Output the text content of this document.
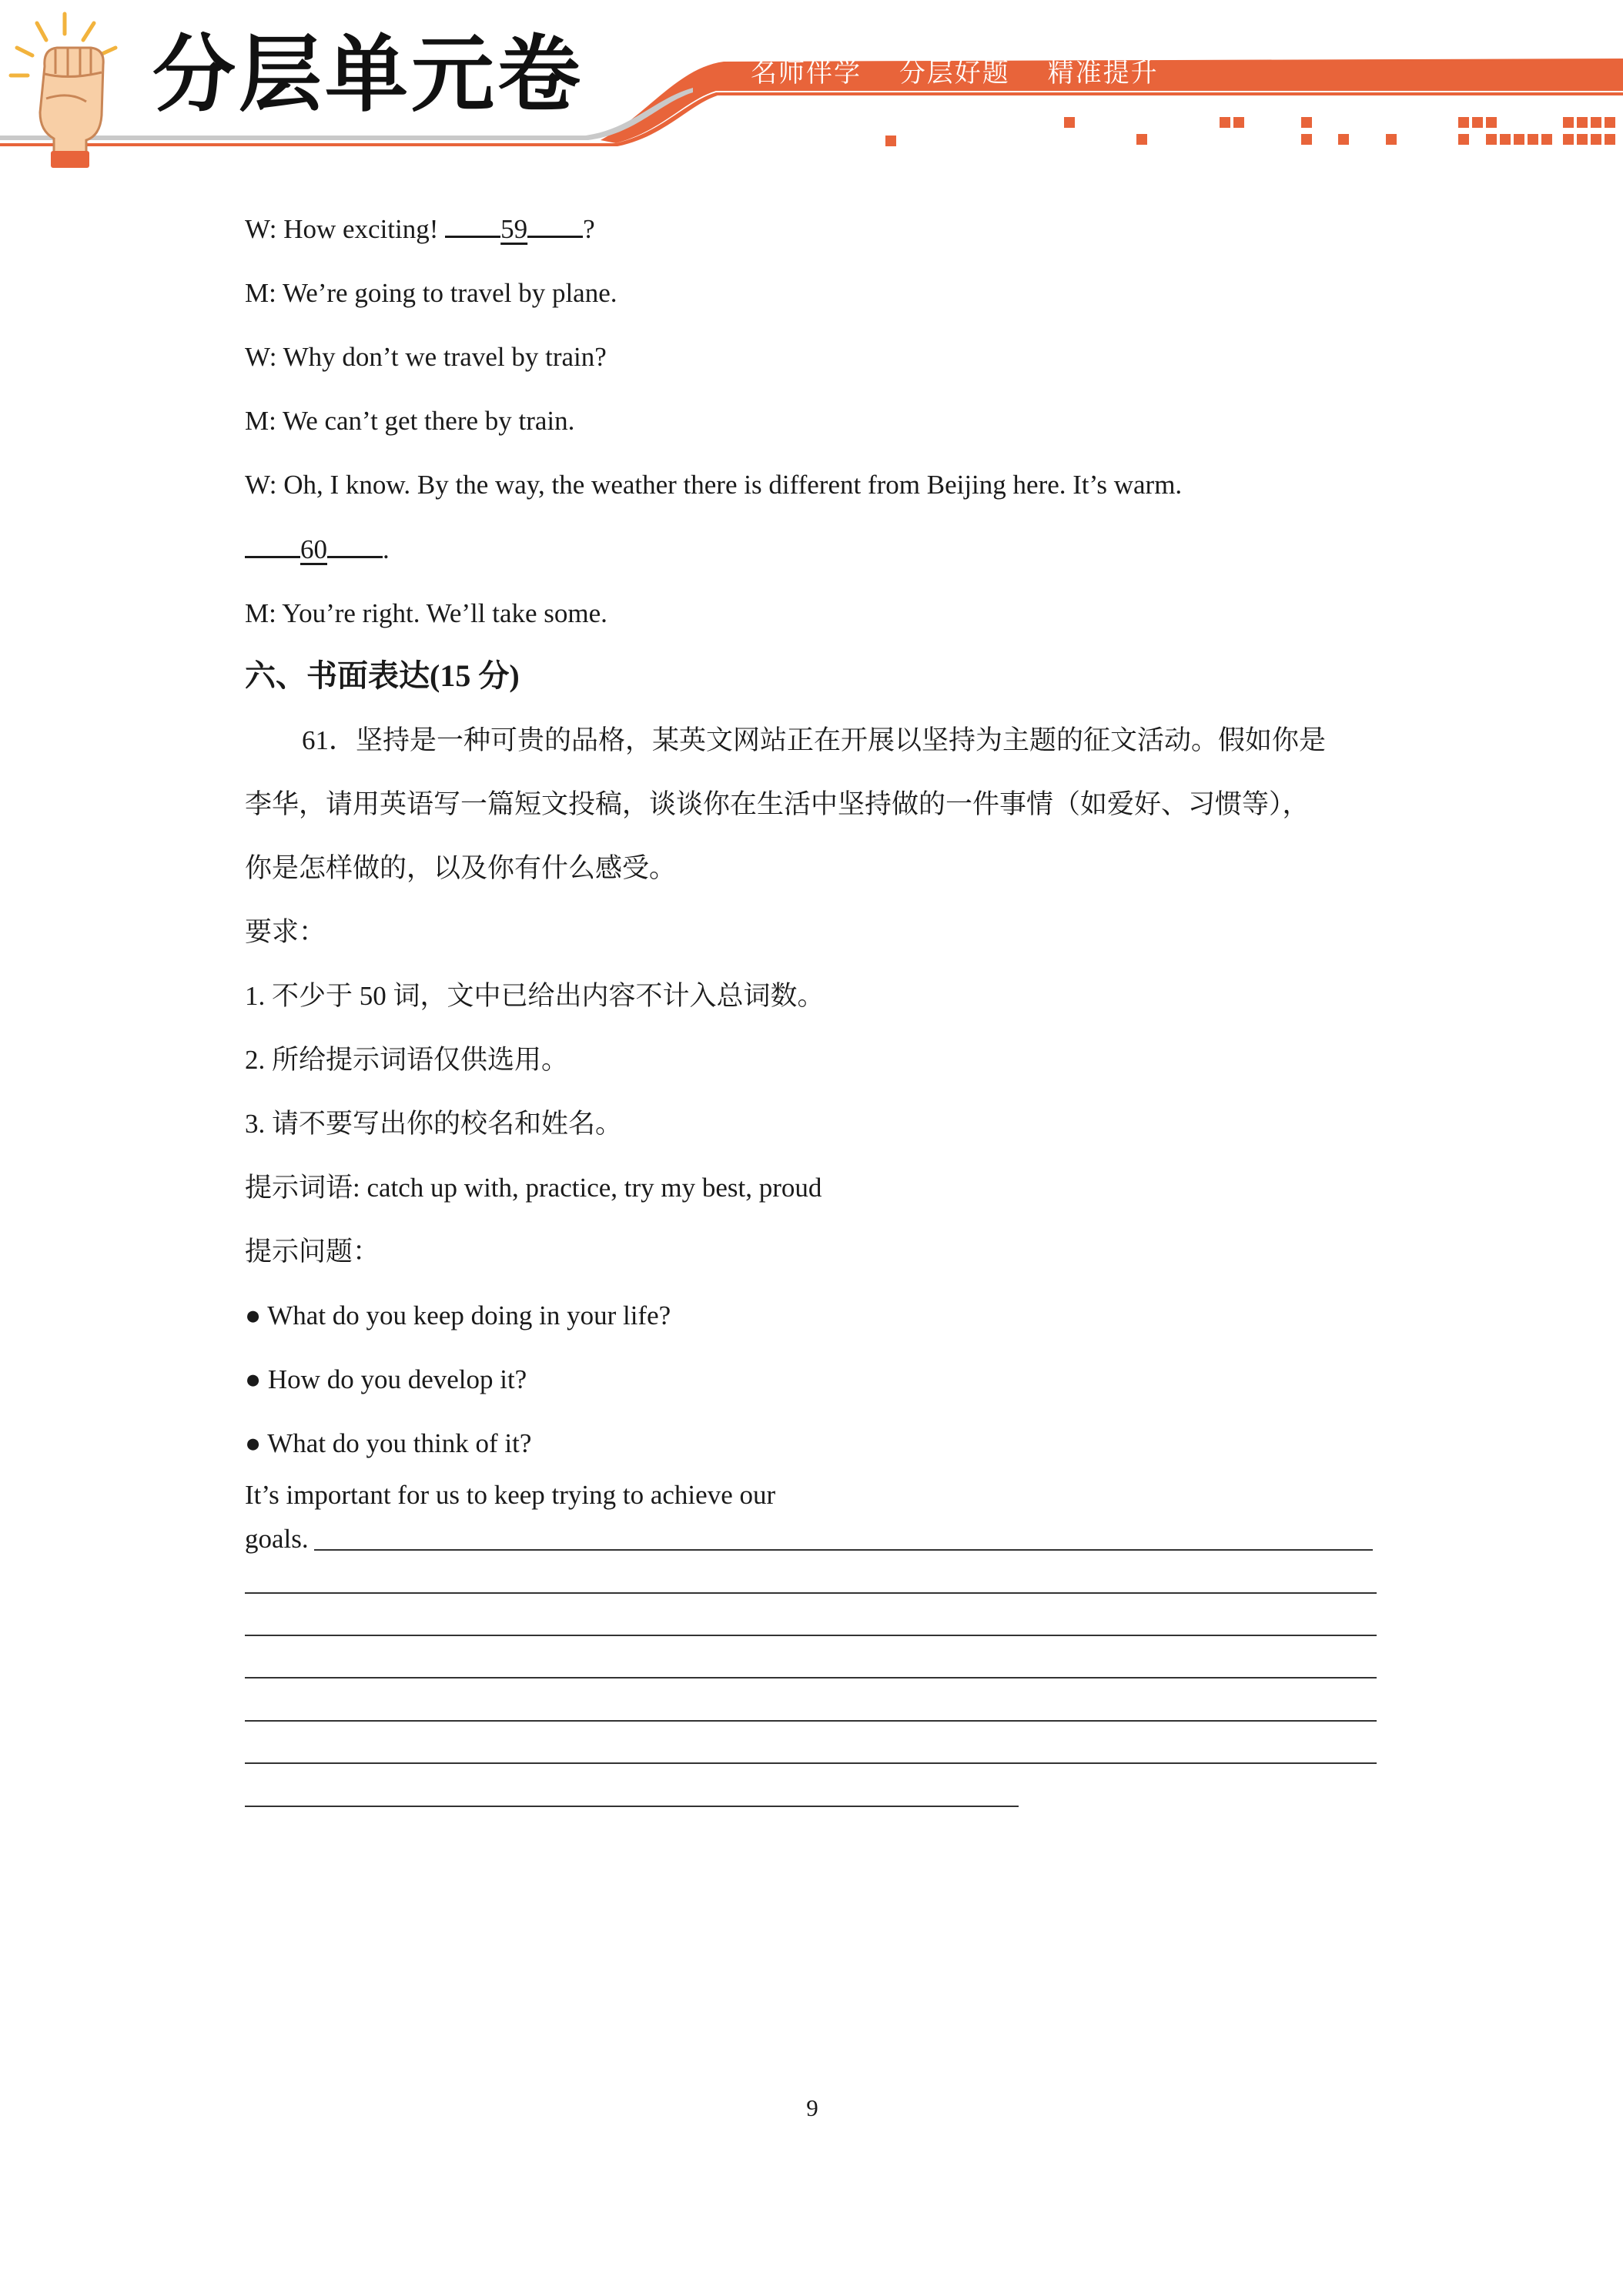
分层单元卷	名师伴学 分层好题 精准提升
W: How exciting! 59 ?
M: We’re going to travel by plane.
W: Why don’t we travel by train?
M: We can’t get there by train.
W: Oh, I know. By the way, the weather there is different from Beijing here. It’s warm.
60 .
M: You’re right. We’ll take some.
六、书面表达(15 分)
61．坚持是一种可贵的品格，某英文网站正在开展以坚持为主题的征文活动。假如你是
李华，请用英语写一篇短文投稿，谈谈你在生活中坚持做的一件事情（如爱好、习惯等），
你是怎样做的，以及你有什么感受。
要求：
1. 不少于 50 词，文中已给出内容不计入总词数。
2. 所给提示词语仅供选用。
3. 请不要写出你的校名和姓名。
提示词语: catch up with, practice, try my best, proud
提示问题：
● What do you keep doing in your life?
● How do you develop it?
● What do you think of it?
It’s important for us to keep trying to achieve our
goals.
9
